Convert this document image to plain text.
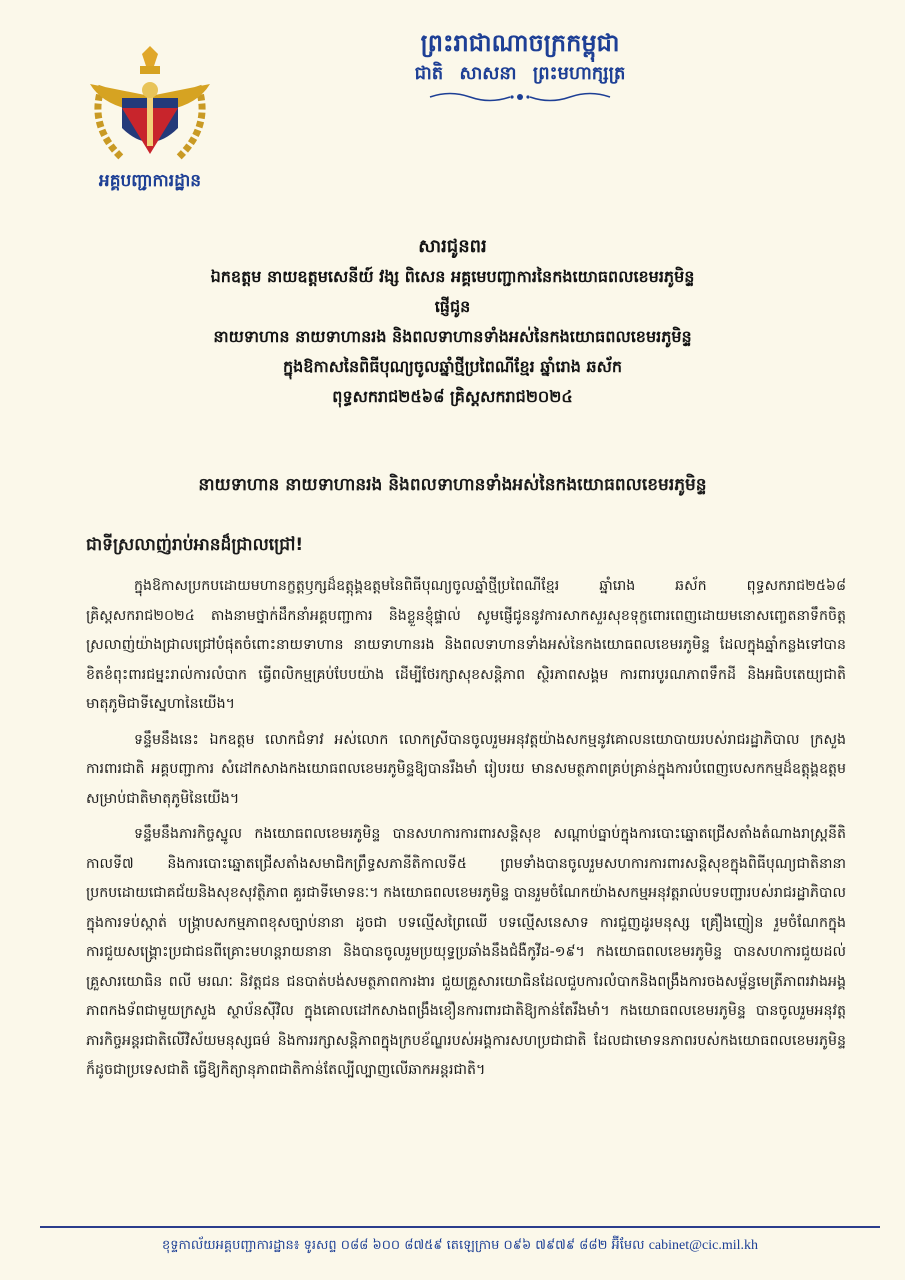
អគ្គបញ្ជាការដ្ឋាន
ព្រះរាជាណាចក្រកម្ពុជា
ជាតិ សាសនា ព្រះមហាក្សត្រ
សារជូនពរ
ឯកឧត្តម នាយឧត្តមសេនីយ៍ វង្ស ពិសេន អគ្គមេបញ្ជាការនៃកងយោធពលខេមរភូមិន្ទ
ផ្ញើជូន
នាយទាហាន នាយទាហានរង និងពលទាហានទាំងអស់នៃកងយោធពលខេមរភូមិន្ទ
ក្នុងឱកាសនៃពិធីបុណ្យចូលឆ្នាំថ្មីប្រពៃណីខ្មែរ ឆ្នាំរោង ឆស័ក
ពុទ្ធសករាជ២៥៦៨ គ្រិស្តសករាជ២០២៤
នាយទាហាន នាយទាហានរង និងពលទាហានទាំងអស់នៃកងយោធពលខេមរភូមិន្ទ
ជាទីស្រលាញ់រាប់អានដ៏ជ្រាលជ្រៅ!

ក្នុងឱកាសប្រកបដោយមហានក្ខត្តឫក្សដ៏ឧត្តុង្គឧត្តមនៃពិធីបុណ្យចូលឆ្នាំថ្មីប្រពៃណីខ្មែរ ឆ្នាំរោង ឆស័ក ពុទ្ធសករាជ២៥៦៨ គ្រិស្តសករាជ២០២៤ តាងនាមថ្នាក់ដឹកនាំអគ្គបញ្ជាការ និងខ្លួនខ្ញុំផ្ទាល់ សូមផ្ញើជូននូវការសាកសួរសុខទុក្ខពោរពេញដោយមនោសញ្ចេតនាទឹកចិត្តស្រលាញ់យ៉ាងជ្រាលជ្រៅបំផុតចំពោះនាយទាហាន នាយទាហានរង និងពលទាហានទាំងអស់នៃកងយោធពលខេមរភូមិន្ទ ដែលក្នុងឆ្នាំកន្លងទៅបានខិតខំពុះពារជម្នះរាល់ការលំបាក ធ្វើពលិកម្មគ្រប់បែបយ៉ាង ដើម្បីថែរក្សាសុខសន្តិភាព ស្ថិរភាពសង្គម ការពារបូរណភាពទឹកដី និងអធិបតេយ្យជាតិ មាតុភូមិជាទីស្នេហានៃយើង។

ទន្ទឹមនឹងនេះ ឯកឧត្តម លោកជំទាវ អស់លោក លោកស្រីបានចូលរួមអនុវត្តយ៉ាងសកម្មនូវគោលនយោបាយរបស់រាជរដ្ឋាភិបាល ក្រសួងការពារជាតិ អគ្គបញ្ជាការ សំដៅកសាងកងយោធពលខេមរភូមិន្ទឱ្យបានរឹងមាំ រៀបរយ មានសមត្ថភាពគ្រប់គ្រាន់ក្នុងការបំពេញបេសកកម្មដ៏ឧត្តុង្គឧត្តមសម្រាប់ជាតិមាតុភូមិនៃយើង។

ទន្ទឹមនឹងភារកិច្ចស្នូល កងយោធពលខេមរភូមិន្ទ បានសហការការពារសន្តិសុខ សណ្ដាប់ធ្នាប់ក្នុងការបោះឆ្នោតជ្រើសតាំងតំណាងរាស្ត្រនីតិកាលទី៧ និងការបោះឆ្នោតជ្រើសតាំងសមាជិកព្រឹទ្ធសភានីតិកាលទី៥ ព្រមទាំងបានចូលរួមសហការការពារសន្តិសុខក្នុងពិធីបុណ្យជាតិនានា ប្រកបដោយជោគជ័យនិងសុខសុវត្ថិភាព គួរជាទីមោទនៈ។ កងយោធពលខេមរភូមិន្ទ បានរួមចំណែកយ៉ាងសកម្មអនុវត្តរាល់បទបញ្ជារបស់រាជរដ្ឋាភិបាល ក្នុងការទប់ស្កាត់ បង្ក្រាបសកម្មភាពខុសច្បាប់នានា ដូចជា បទល្មើសព្រៃឈើ បទល្មើសនេសាទ ការជួញដូរមនុស្ស គ្រឿងញៀន រួមចំណែកក្នុងការជួយសង្គ្រោះប្រជាជនពីគ្រោះមហន្តរាយនានា និងបានចូលរួមប្រយុទ្ធប្រឆាំងនឹងជំងឺកូវីដ-១៩។ កងយោធពលខេមរភូមិន្ទ បានសហការជួយដល់គ្រួសារយោធិន ពលី មរណៈ និវត្តជន ជនបាត់បង់សមត្ថភាពការងារ ជួយគ្រួសារយោធិនដែលជួបការលំបាកនិងពង្រឹងការចងសម្ព័ន្ធមេត្រីភាពរវាងអង្គភាពកងទ័ពជាមួយក្រសួង ស្ថាប័នស៊ីវិល ក្នុងគោលដៅកសាងពង្រឹងខឿនការពារជាតិឱ្យកាន់តែរឹងមាំ។ កងយោធពលខេមរភូមិន្ទ បានចូលរួមអនុវត្តភារកិច្ចអន្តរជាតិលើវិស័យមនុស្សធម៌ និងការរក្សាសន្តិភាពក្នុងក្របខ័ណ្ឌរបស់អង្គការសហប្រជាជាតិ ដែលជាមោទនភាពរបស់កងយោធពលខេមរភូមិន្ទ ក៏ដូចជាប្រទេសជាតិ ធ្វើឱ្យកិត្យានុភាពជាតិកាន់តែល្បីល្បាញលើឆាកអន្តរជាតិ។

ខុទ្ទកាល័យអគ្គបញ្ជាការដ្ឋាន៖ ទូរសព្ទ ០៨៨ ៦០០ ៨៧៥៩ តេឡេក្រាម ០៩៦ ៧៩៧៩ ៨៨២ អ៊ីមែល cabinet@cic.mil.kh
